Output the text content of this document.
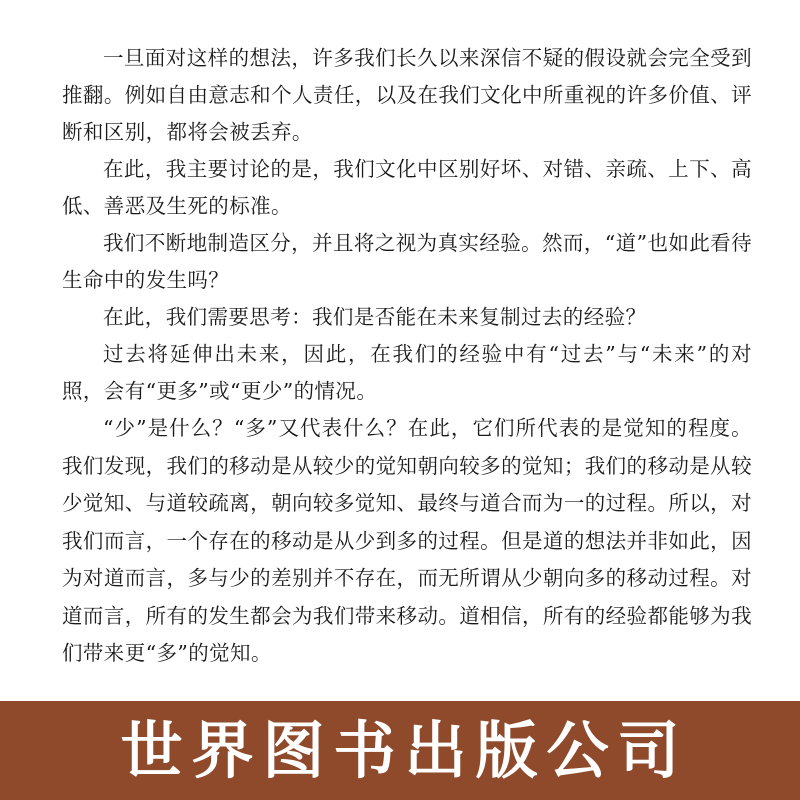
一旦面对这样的想法，许多我们长久以来深信不疑的假设就会完全受到推翻。例如自由意志和个人责任，以及在我们文化中所重视的许多价值、评断和区别，都将会被丢弃。

在此，我主要讨论的是，我们文化中区别好坏、对错、亲疏、上下、高低、善恶及生死的标准。

我们不断地制造区分，并且将之视为真实经验。然而，“道”也如此看待生命中的发生吗？

在此，我们需要思考：我们是否能在未来复制过去的经验？

过去将延伸出未来，因此，在我们的经验中有“过去”与“未来”的对照，会有“更多”或“更少”的情况。

“少”是什么？“多”又代表什么？在此，它们所代表的是觉知的程度。我们发现，我们的移动是从较少的觉知朝向较多的觉知；我们的移动是从较少觉知、与道较疏离，朝向较多觉知、最终与道合而为一的过程。所以，对我们而言，一个存在的移动是从少到多的过程。但是道的想法并非如此，因为对道而言，多与少的差别并不存在，而无所谓从少朝向多的移动过程。对道而言，所有的发生都会为我们带来移动。道相信，所有的经验都能够为我们带来更“多”的觉知。

世界图书出版公司
